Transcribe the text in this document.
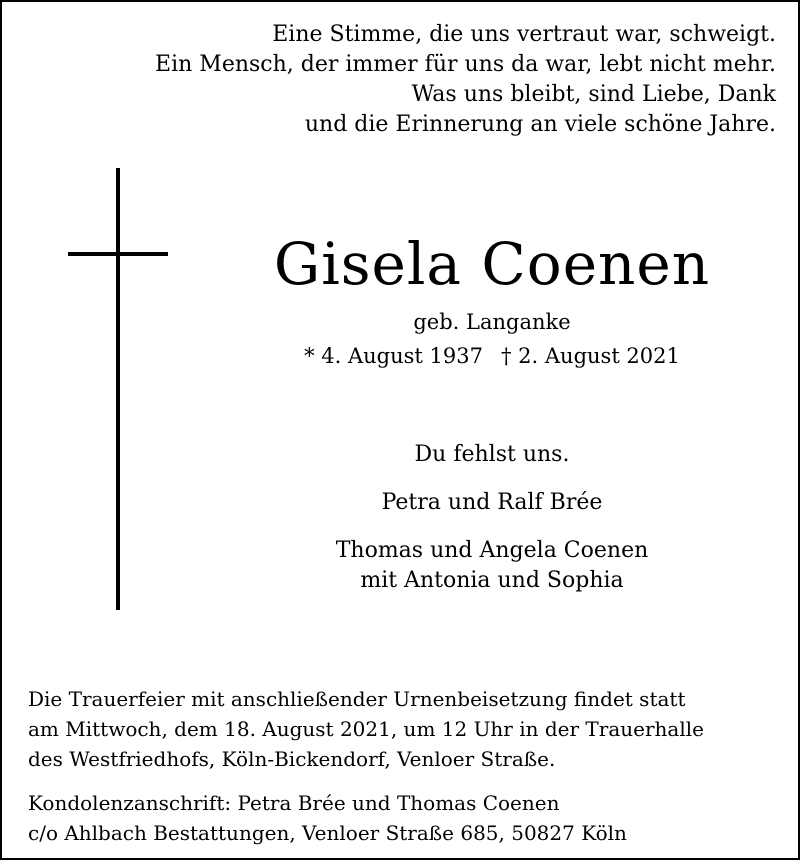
Eine Stimme, die uns vertraut war, schweigt.
Ein Mensch, der immer für uns da war, lebt nicht mehr.
Was uns bleibt, sind Liebe, Dank
und die Erinnerung an viele schöne Jahre.
Gisela Coenen
geb. Langanke
* 4. August 1937 † 2. August 2021
Du fehlst uns.
Petra und Ralf Brée
Thomas und Angela Coenen
mit Antonia und Sophia
Die Trauerfeier mit anschließender Urnenbeisetzung findet statt
am Mittwoch, dem 18. August 2021, um 12 Uhr in der Trauerhalle
des Westfriedhofs, Köln-Bickendorf, Venloer Straße.
Kondolenzanschrift: Petra Brée und Thomas Coenen
c/o Ahlbach Bestattungen, Venloer Straße 685, 50827 Köln
